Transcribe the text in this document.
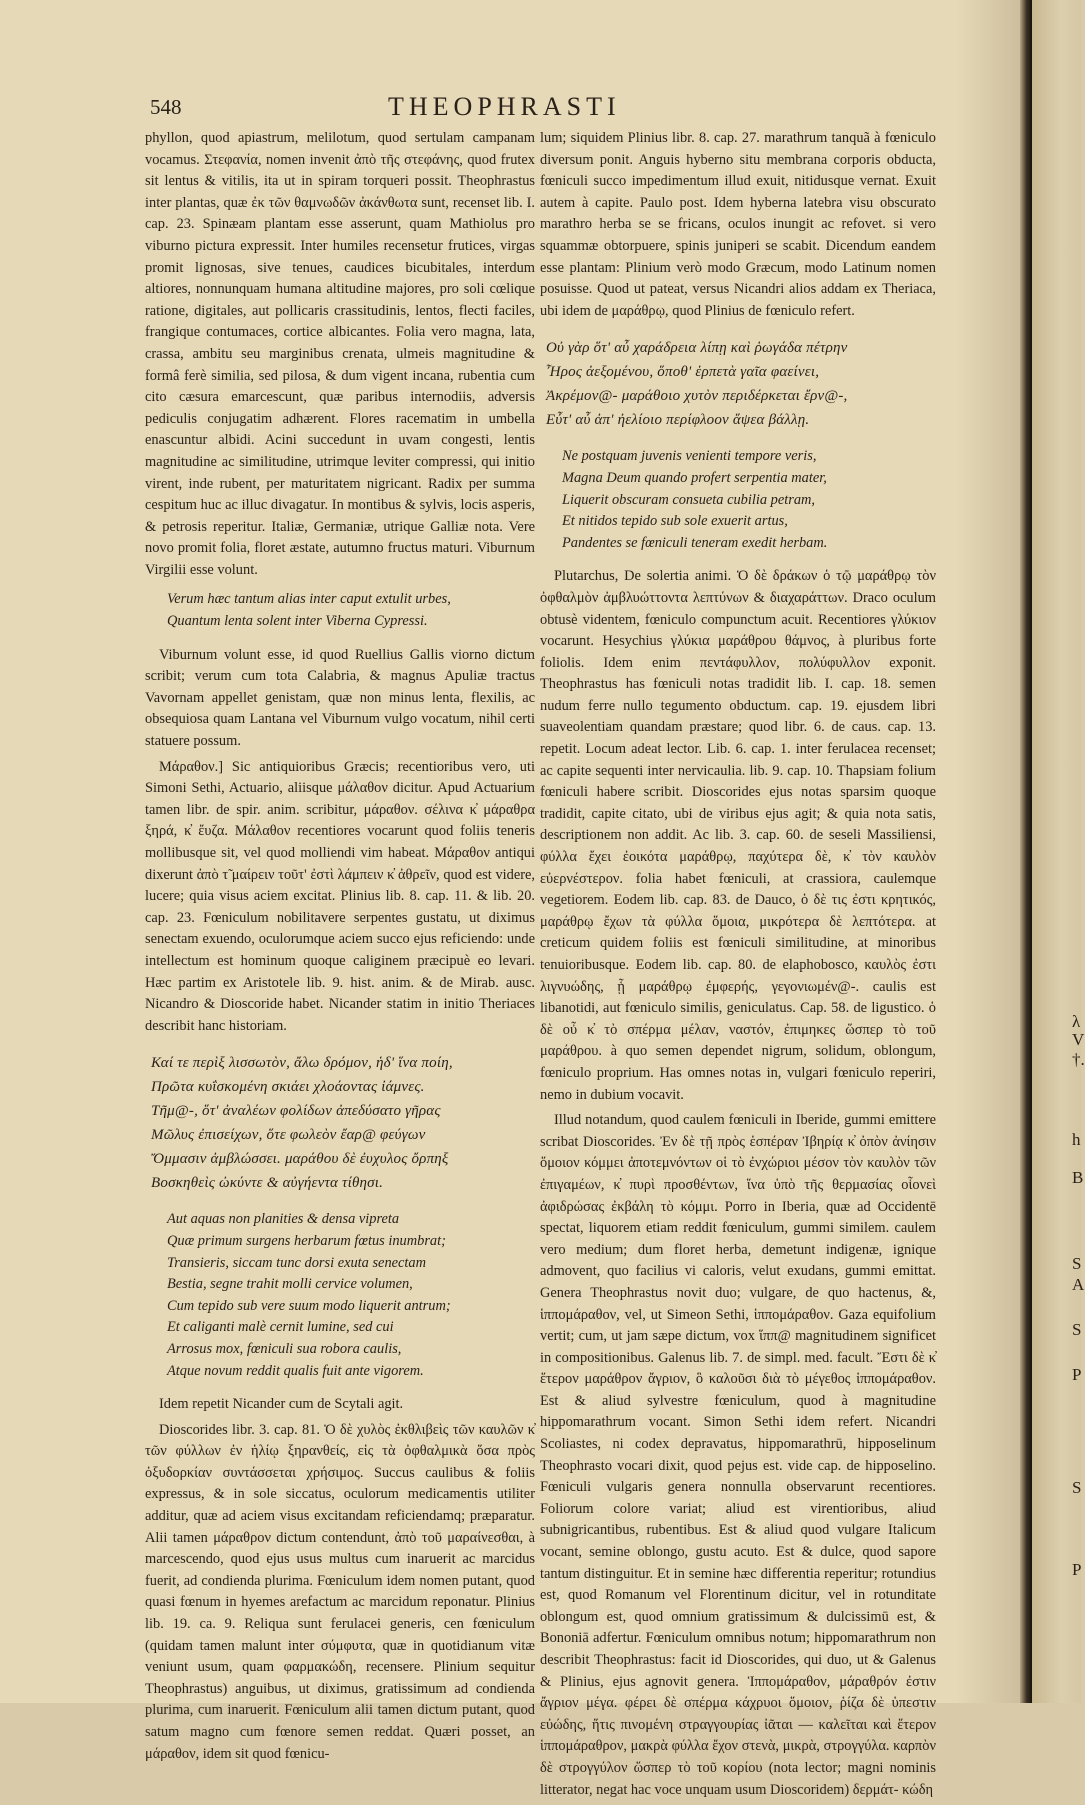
548	THEOPHRASTI

phyllon, quod apiastrum, melilotum, quod sertulam campanam vocamus. Στεφανία, nomen invenit ἀπὸ τῆς στεφάνης, quod frutex sit lentus & vitilis, ita ut in spiram torqueri possit. Theophrastus inter plantas, quæ ἐκ τῶν θαμνωδῶν ἀκάνθωτα sunt, recenset lib. I. cap. 23. Spinæam plantam esse asserunt, quam Mathiolus pro viburno pictura expressit. Inter humiles recensetur frutices, virgas promit lignosas, sive tenues, caudices bicubitales, interdum altiores, nonnunquam humana altitudine majores, pro soli cœlique ratione, digitales, aut pollicaris crassitudinis, lentos, flecti faciles, frangique contumaces, cortice albicantes. Folia vero magna, lata, crassa, ambitu seu marginibus crenata, ulmeis magnitudine & formâ ferè similia, sed pilosa, & dum vigent incana, rubentia cum cito cæsura emarcescunt, quæ paribus internodiis, adversis pediculis conjugatim adhærent. Flores racematim in umbella enascuntur albidi. Acini succedunt in uvam congesti, lentis magnitudine ac similitudine, utrimque leviter compressi, qui initio virent, inde rubent, per maturitatem nigricant. Radix per summa cespitum huc ac illuc divagatur. In montibus & sylvis, locis asperis, & petrosis reperitur. Italiæ, Germaniæ, utrique Galliæ nota. Vere novo promit folia, floret æstate, autumno fructus maturi. Viburnum Virgilii esse volunt.

Verum hæc tantum alias inter caput extulit urbes,
Quantum lenta solent inter Viberna Cypressi.

Viburnum volunt esse, id quod Ruellius Gallis viorno dictum scribit; verum cum tota Calabria, & magnus Apuliæ tractus Vavornam appellet genistam, quæ non minus lenta, flexilis, ac obsequiosa quam Lantana vel Viburnum vulgo vocatum, nihil certi statuere possum.

Μάραθον.] Sic antiquioribus Græcis; recentioribus vero, uti Simoni Sethi, Actuario, aliisque μάλαθον dicitur. Apud Actuarium tamen libr. de spir. anim. scribitur, μάραθον. σέλινα κ̓ μάραθρα ξηρά, κ̓ ἔυζα. Μάλαθον recentiores vocarunt quod foliis teneris mollibusque sit, vel quod molliendi vim habeat. Μάραθον antiqui dixerunt ἀπὸ τ̃ μαίρειν τοῦτ' ἐστὶ λάμπειν κ̓ ἀθρεῖν, quod est videre, lucere; quia visus aciem excitat. Plinius lib. 8. cap. 11. & lib. 20. cap. 23. Fœniculum nobilitavere serpentes gustatu, ut diximus senectam exuendo, oculorumque aciem succo ejus reficiendo: unde intellectum est hominum quoque caliginem præcipuè eo levari. Hæc partim ex Aristotele lib. 9. hist. anim. & de Mirab. ausc. Nicandro & Dioscoride habet. Nicander statim in initio Theriaces describit hanc historiam.

Καί τε περὶξ λισσωτὸν, ἄλω δρόμον, ἡδ' ἵνα ποίη,
Πρῶτα κυΐσκομένη σκιάει χλοάοντας ἰάμνες.
Τῆμ@-, ὅτ' ἀναλέων φολίδων ἀπεδύσατο γῆρας
Μῶλυς ἐπισείχων, ὅτε φωλεὸν ἔαρ@ φεύγων
Ὄμμασιν ἀμβλώσσει. μαράθου δὲ ἐυχυλος ὄρπηξ
Βοσκηθεὶς ὠκύντε & αὐγήεντα τίθησι.
Aut aquas non planities & densa vipreta
Quæ primum surgens herbarum fœtus inumbrat;
Transieris, siccam tunc dorsi exuta senectam
Bestia, segne trahit molli cervice volumen,
Cum tepido sub vere suum modo liquerit antrum;
Et caliganti malè cernit lumine, sed cui
Arrosus mox, fœniculi sua robora caulis,
Atque novum reddit qualis fuit ante vigorem.

Idem repetit Nicander cum de Scytali agit.

Dioscorides libr. 3. cap. 81. Ὁ δὲ χυλὸς ἐκθλιβεὶς τῶν καυλῶν κ̓ τῶν φύλλων ἐν ἡλίῳ ξηρανθείς, εἰς τὰ ὀφθαλμικὰ ὅσα πρὸς ὀξυδορκίαν συντάσσεται χρήσιμος. Succus caulibus & foliis expressus, & in sole siccatus, oculorum medicamentis utiliter additur, quæ ad aciem visus excitandam reficiendamq; præparatur. Alii tamen μάραθρον dictum contendunt, ἀπὸ τοῦ μαραίνεσθαι, à marcescendo, quod ejus usus multus cum inaruerit ac marcidus fuerit, ad condienda plurima. Fœniculum idem nomen putant, quod quasi fœnum in hyemes arefactum ac marcidum reponatur. Plinius lib. 19. ca. 9. Reliqua sunt ferulacei generis, cen fœniculum (quidam tamen malunt inter σύμφυτα, quæ in quotidianum vitæ veniunt usum, quam φαρμακώδη, recensere. Plinium sequitur Theophrastus) anguibus, ut diximus, gratissimum ad condienda plurima, cum inaruerit. Fœniculum alii tamen dictum putant, quod satum magno cum fœnore semen reddat. Quæri posset, an μάραθον, idem sit quod fœnicu-

lum; siquidem Plinius libr. 8. cap. 27. marathrum tanquã à fœniculo diversum ponit. Anguis hyberno situ membrana corporis obducta, fœniculi succo impedimentum illud exuit, nitidusque vernat. Exuit autem à capite. Paulo post. Idem hyberna latebra visu obscurato marathro herba se se fricans, oculos inungit ac refovet. si vero squammæ obtorpuere, spinis juniperi se scabit. Dicendum eandem esse plantam: Plinium verò modo Græcum, modo Latinum nomen posuisse. Quod ut pateat, versus Nicandri alios addam ex Theriaca, ubi idem de μαράθρῳ, quod Plinius de fœniculo refert.

Οὐ γὰρ ὅτ' αὖ χαράδρεια λίπῃ καὶ ῥωγάδα πέτρην
Ἦρος ἀεξομένου, ὅποθ' ἑρπετὰ γαῖα φαείνει,
Ἀκρέμον@- μαράθοιο χυτὸν περιδέρκεται ἔρν@-,
Εὖτ' αὖ ἀπ' ἠελίοιο περίφλοον ἅψεα βάλλῃ.
Ne postquam juvenis venienti tempore veris,
Magna Deum quando profert serpentia mater,
Liquerit obscuram consueta cubilia petram,
Et nitidos tepido sub sole exuerit artus,
Pandentes se fœniculi teneram exedit herbam.

Plutarchus, De solertia animi. Ὁ δὲ δράκων ὁ τῷ μαράθρῳ τὸν ὀφθαλμὸν ἀμβλυώττοντα λεπτύνων & διαχαράττων. Draco oculum obtusè videntem, fœniculo compunctum acuit. Recentiores γλύκιον vocarunt. Hesychius γλύκια μαράθρου θάμνος, à pluribus forte foliolis. Idem enim πεντάφυλλον, πολύφυλλον exponit. Theophrastus has fœniculi notas tradidit lib. I. cap. 18. semen nudum ferre nullo tegumento obductum. cap. 19. ejusdem libri suaveolentiam quandam præstare; quod libr. 6. de caus. cap. 13. repetit. Locum adeat lector. Lib. 6. cap. 1. inter ferulacea recenset; ac capite sequenti inter nervicaulia. lib. 9. cap. 10. Thapsiam folium fœniculi habere scribit. Dioscorides ejus notas sparsim quoque tradidit, capite citato, ubi de viribus ejus agit; & quia nota satis, descriptionem non addit. Ac lib. 3. cap. 60. de seseli Massiliensi, φύλλα ἔχει ἐοικότα μαράθρῳ, παχύτερα δὲ, κ̓ τὸν καυλὸν εὐερνέστερον. folia habet fœniculi, at crassiora, caulemque vegetiorem. Eodem lib. cap. 83. de Dauco, ὁ δὲ τις ἐστι κρητικός, μαράθρῳ ἔχων τὰ φύλλα ὅμοια, μικρότερα δὲ λεπτότερα. at creticum quidem foliis est fœniculi similitudine, at minoribus tenuioribusque. Eodem lib. cap. 80. de elaphoboscο, καυλὸς ἐστι λιγνυώδης, ᾗ μαράθρῳ ἐμφερής, γεγονιωμέν@-. caulis est libanotidi, aut fœniculo similis, geniculatus. Cap. 58. de ligustico. ὁ δὲ οὖ κ̓ τὸ σπέρμα μέλαν, ναστόν, ἐπιμηκες ὥσπερ τὸ τοῦ μαράθρου. à quo semen dependet nigrum, solidum, oblongum, fœniculo proprium. Has omnes notas in, vulgari fœniculo reperiri, nemo in dubium vocavit.

Illud notandum, quod caulem fœniculi in Iberide, gummi emittere scribat Dioscorides. Ἐν δὲ τῇ πρὸς ἑσπέραν Ἰβηρίᾳ κ̓ ὀπὸν ἀνίησιν ὅμοιον κόμμει ἀποτεμνόντων οἱ τὸ ἐνχώριοι μέσον τὸν καυλὸν τῶν ἐπιγαμέων, κ̓ πυρὶ προσθέντων, ἵνα ὑπὸ τῆς θερμασίας οἷονεὶ ἀφιδρώσας ἐκβάλη τὸ κόμμι. Porro in Iberia, quæ ad Occidentē spectat, liquorem etiam reddit fœniculum, gummi similem. caulem vero medium; dum floret herba, demetunt indigenæ, ignique admovent, quo facilius vi caloris, velut exudans, gummi emittat. Genera Theophrastus novit duo; vulgare, de quo hactenus, &, ἱππομάραθον, vel, ut Simeon Sethi, ἱππομάραθον. Gaza equifolium vertit; cum, ut jam sæpe dictum, vox ἵππ@ magnitudinem significet in compositionibus. Galenus lib. 7. de simpl. med. facult. Ἔστι δὲ κ̓ ἕτερον μαράθρον ἄγριον, ὃ καλοῦσι διὰ τὸ μέγεθος ἱππομάραθον. Est & aliud sylvestre fœniculum, quod à magnitudine hippomarathrum vocant. Simon Sethi idem refert. Nicandri Scoliastes, ni codex depravatus, hippomarathrū, hipposelinum Theophrasto vocari dixit, quod pejus est. vide cap. de hipposelino. Fœniculi vulgaris genera nonnulla observarunt recentiores. Foliorum colore variat; aliud est virentioribus, aliud subnigricantibus, rubentibus. Est & aliud quod vulgare Italicum vocant, semine oblongo, gustu acuto. Est & dulce, quod sapore tantum distinguitur. Et in semine hæc differentia reperitur; rotundius est, quod Romanum vel Florentinum dicitur, vel in rotunditate oblongum est, quod omnium gratissimum & dulcissimū est, & Bononiā adfertur. Fœniculum omnibus notum; hippomarathrum non describit Theophrastus: facit id Dioscorides, qui duo, ut & Galenus & Plinius, ejus agnovit genera. Ἱππομάραθον, μάραθρόν ἐστιν ἄγριον μέγα. φέρει δὲ σπέρμα κάχρυοι ὅμοιον, ῥίζα δὲ ὑπεστιν εὐώδης, ἥτις πινομένη στραγγουρίας ἰᾶται — καλεῖται καὶ ἕτερον ἱππομάραθρον, μακρὰ φύλλα ἔχον στενὰ, μικρὰ, στρογγύλα. καρπὸν δὲ στρογγύλον ὥσπερ τὸ τοῦ κορίου (nota lector; magni nominis litterator, negat hac voce unquam usum Dioscoridem) δερμάτ- κώδη

λ
V
†.
h
B
S
A
S
P
S
P
